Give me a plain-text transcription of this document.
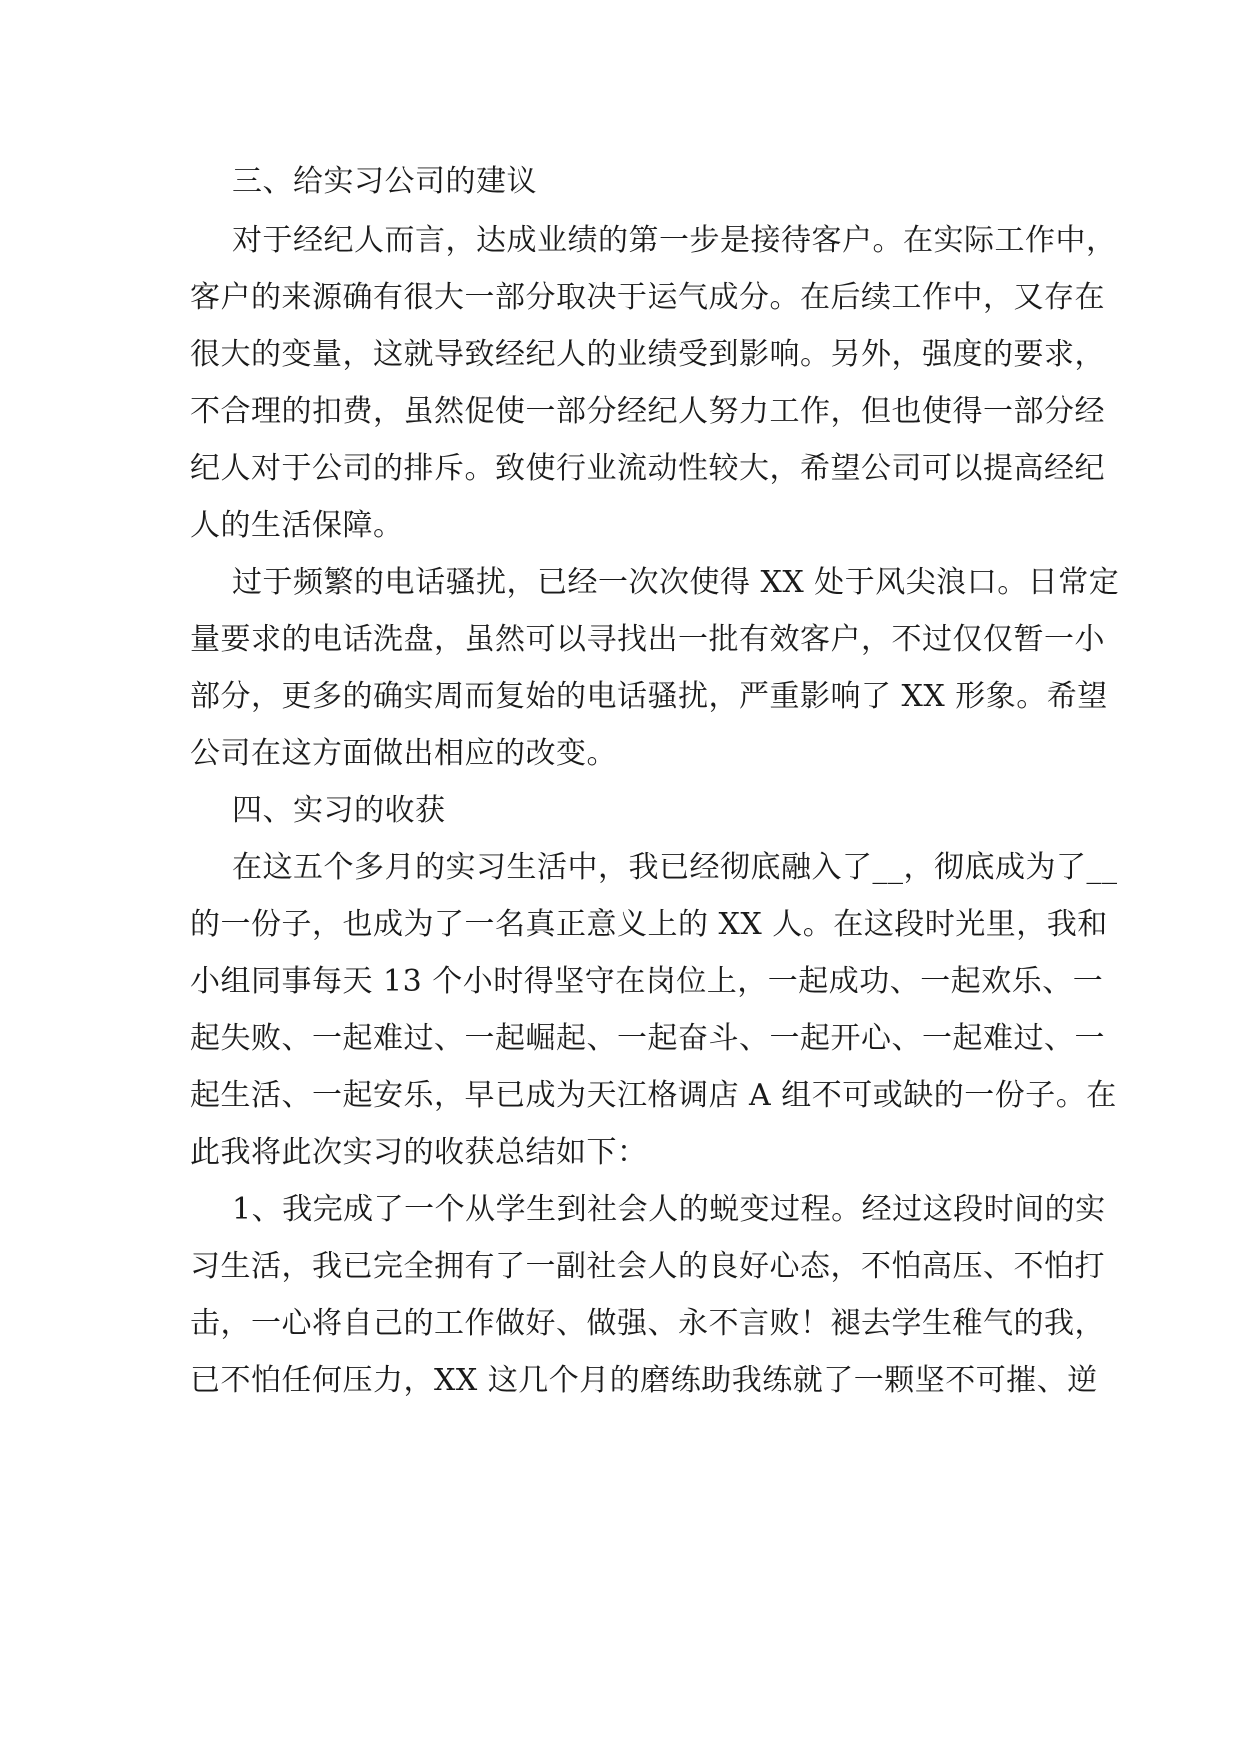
三、给实习公司的建议
对于经纪人而言，达成业绩的第一步是接待客户。在实际工作中，
客户的来源确有很大一部分取决于运气成分。在后续工作中，又存在
很大的变量，这就导致经纪人的业绩受到影响。另外，强度的要求，
不合理的扣费，虽然促使一部分经纪人努力工作，但也使得一部分经
纪人对于公司的排斥。致使行业流动性较大，希望公司可以提高经纪
人的生活保障。
过于频繁的电话骚扰，已经一次次使得 XX 处于风尖浪口。日常定
量要求的电话洗盘，虽然可以寻找出一批有效客户，不过仅仅暂一小
部分，更多的确实周而复始的电话骚扰，严重影响了 XX 形象。希望
公司在这方面做出相应的改变。
四、实习的收获
在这五个多月的实习生活中，我已经彻底融入了__，彻底成为了__
的一份子，也成为了一名真正意义上的 XX 人。在这段时光里，我和
小组同事每天 13 个小时得坚守在岗位上，一起成功、一起欢乐、一
起失败、一起难过、一起崛起、一起奋斗、一起开心、一起难过、一
起生活、一起安乐，早已成为天江格调店 A 组不可或缺的一份子。在
此我将此次实习的收获总结如下：
1、我完成了一个从学生到社会人的蜕变过程。经过这段时间的实
习生活，我已完全拥有了一副社会人的良好心态，不怕高压、不怕打
击，一心将自己的工作做好、做强、永不言败！褪去学生稚气的我，
已不怕任何压力，XX 这几个月的磨练助我练就了一颗坚不可摧、逆
